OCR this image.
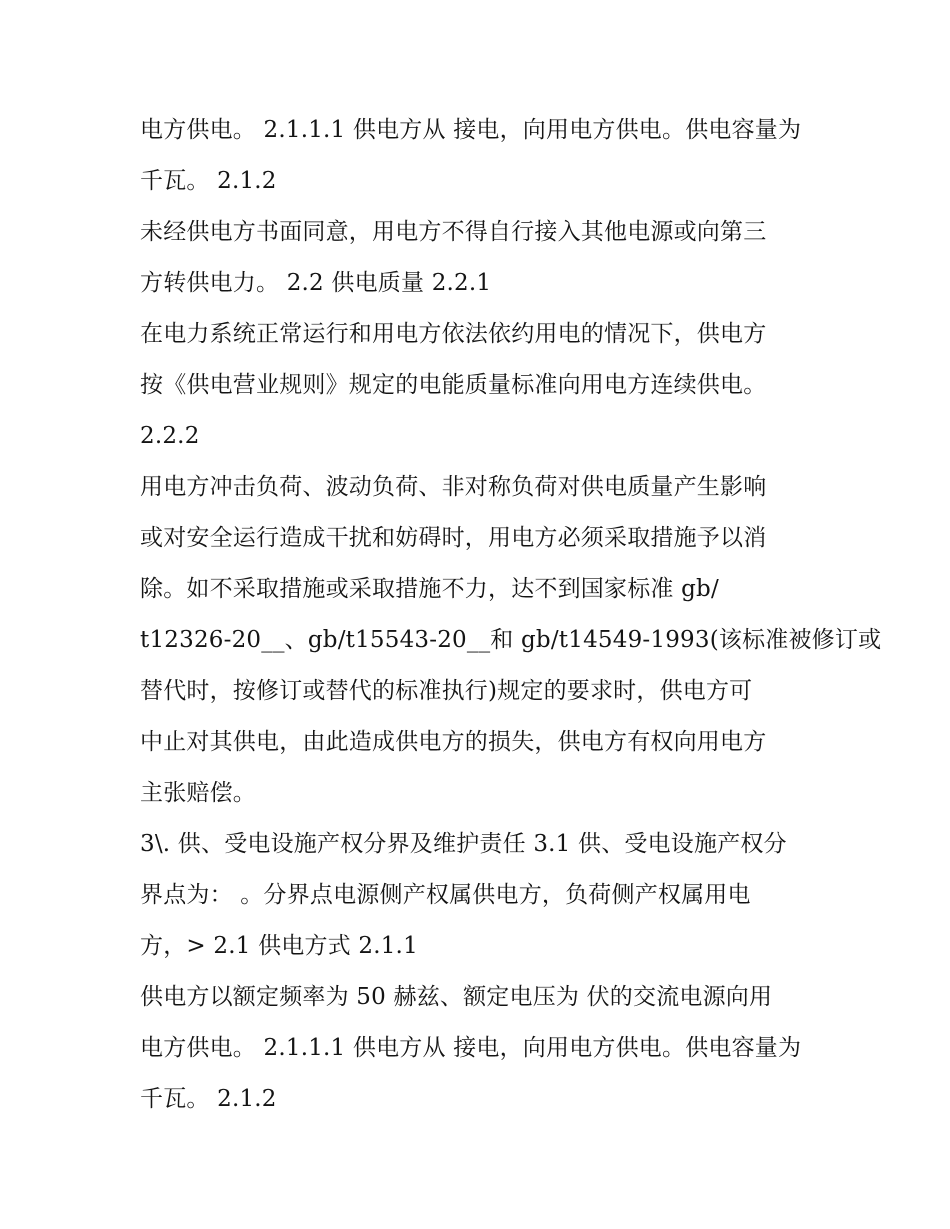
电方供电。 2.1.1.1 供电方从 接电，向用电方供电。供电容量为
千瓦。 2.1.2
未经供电方书面同意，用电方不得自行接入其他电源或向第三
方转供电力。 2.2 供电质量 2.2.1
在电力系统正常运行和用电方依法依约用电的情况下，供电方
按《供电营业规则》规定的电能质量标准向用电方连续供电。
2.2.2
用电方冲击负荷、波动负荷、非对称负荷对供电质量产生影响
或对安全运行造成干扰和妨碍时，用电方必须采取措施予以消
除。如不采取措施或采取措施不力，达不到国家标准 gb/
t12326-20__、gb/t15543-20__和 gb/t14549-1993(该标准被修订或
替代时，按修订或替代的标准执行)规定的要求时，供电方可
中止对其供电，由此造成供电方的损失，供电方有权向用电方
主张赔偿。
3\. 供、受电设施产权分界及维护责任 3.1 供、受电设施产权分
界点为： 。分界点电源侧产权属供电方，负荷侧产权属用电
方，> 2.1 供电方式 2.1.1
供电方以额定频率为 50 赫兹、额定电压为 伏的交流电源向用
电方供电。 2.1.1.1 供电方从 接电，向用电方供电。供电容量为
千瓦。 2.1.2
